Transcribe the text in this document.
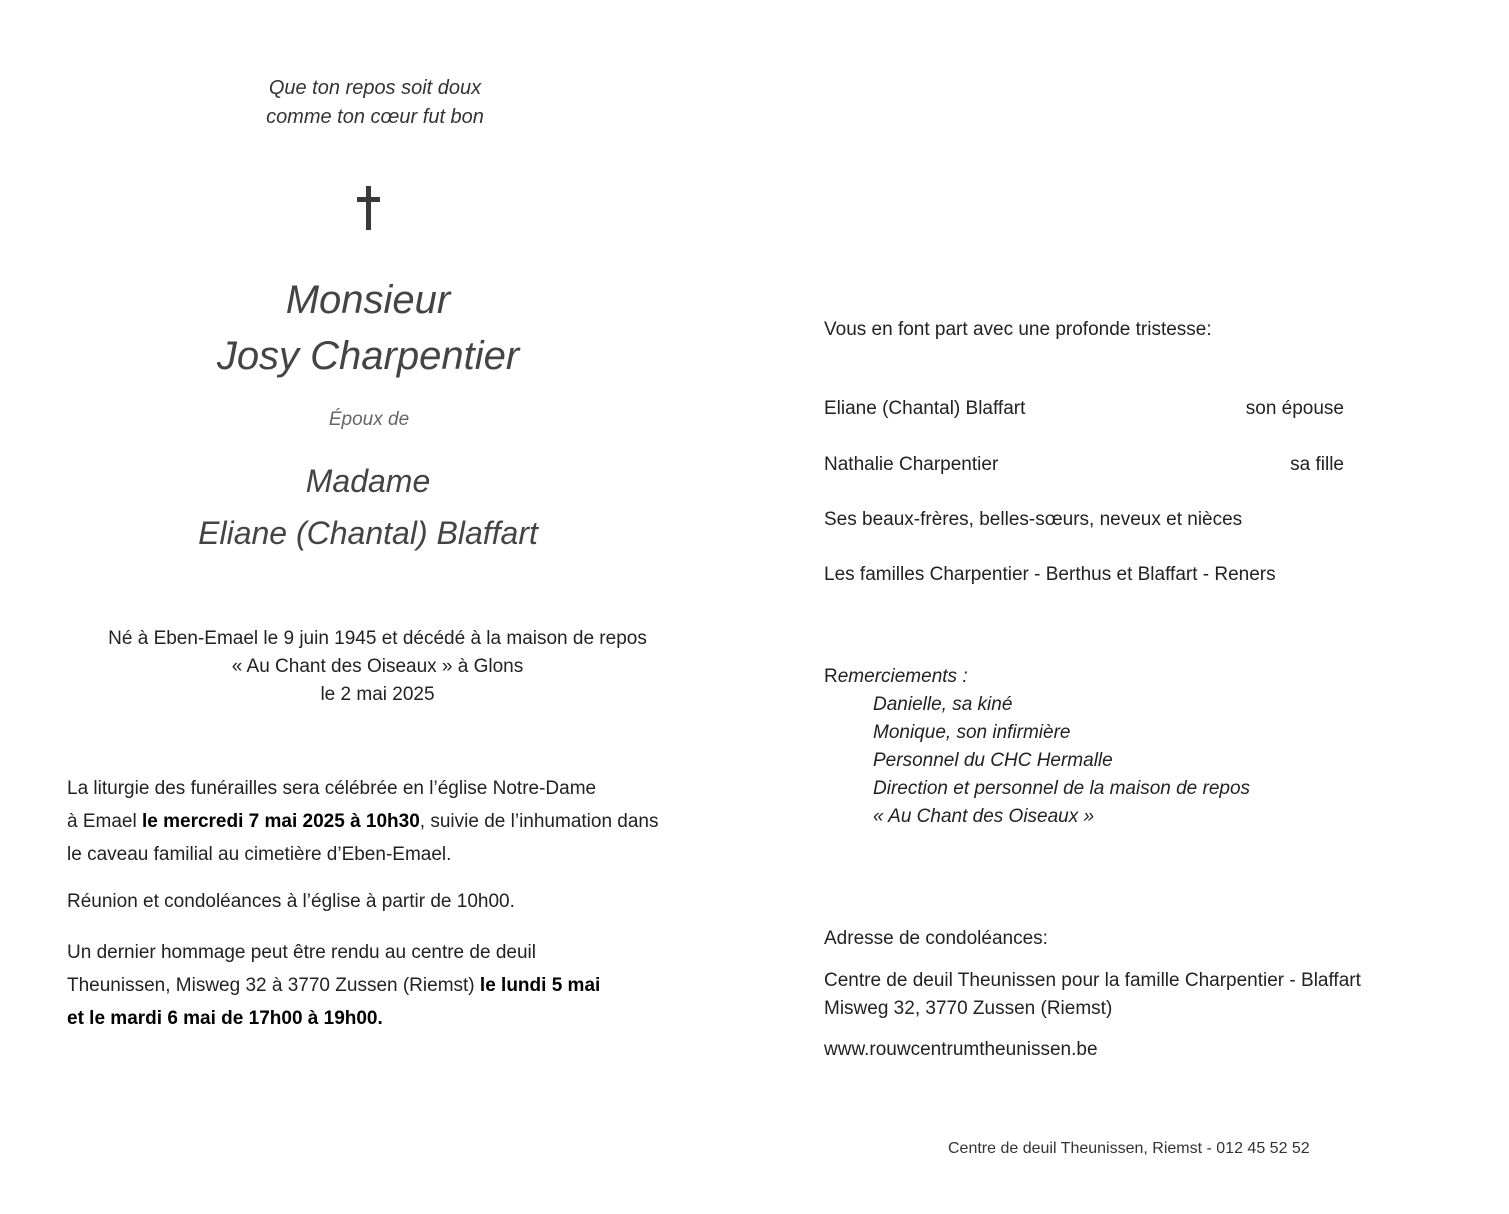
Que ton repos soit doux
comme ton cœur fut bon
Monsieur
Josy Charpentier
Époux de
Madame
Eliane (Chantal) Blaffart
Né à Eben-Emael le 9 juin 1945 et décédé à la maison de repos
« Au Chant des Oiseaux » à Glons
le 2 mai 2025
La liturgie des funérailles sera célébrée en l’église Notre-Dame
à Emael le mercredi 7 mai 2025 à 10h30, suivie de l’inhumation dans
le caveau familial au cimetière d’Eben-Emael.
Réunion et condoléances à l’église à partir de 10h00.
Un dernier hommage peut être rendu au centre de deuil
Theunissen, Misweg 32 à 3770 Zussen (Riemst) le lundi 5 mai
et le mardi 6 mai de 17h00 à 19h00.
Vous en font part avec une profonde tristesse:
Eliane (Chantal) Blaffart	son épouse
Nathalie Charpentier	sa fille
Ses beaux-frères, belles-sœurs, neveux et nièces
Les familles Charpentier - Berthus et Blaffart - Reners
Remerciements :
Danielle, sa kiné
Monique, son infirmière
Personnel du CHC Hermalle
Direction et personnel de la maison de repos
« Au Chant des Oiseaux »
Adresse de condoléances:
Centre de deuil Theunissen pour la famille Charpentier - Blaffart
Misweg 32, 3770 Zussen (Riemst)
www.rouwcentrumtheunissen.be
Centre de deuil Theunissen, Riemst - 012 45 52 52
